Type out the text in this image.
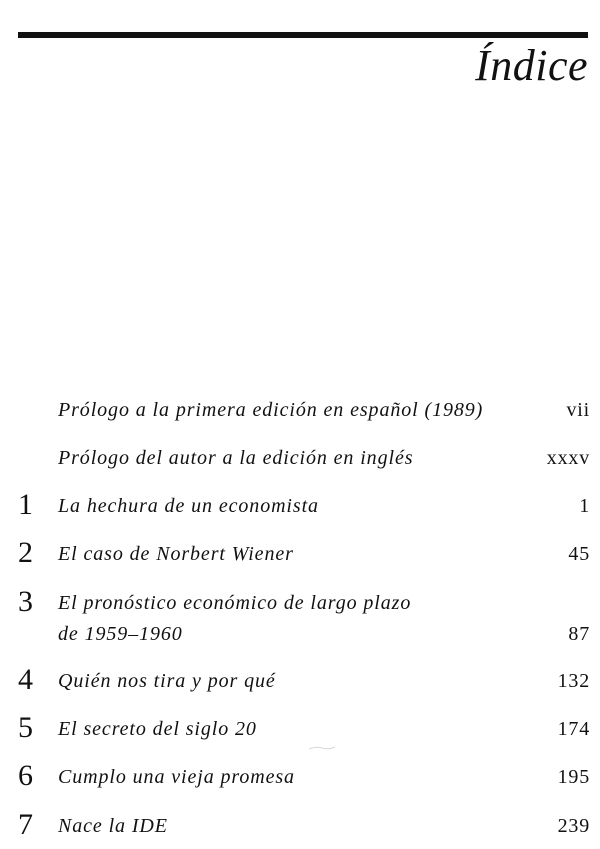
Índice
Prólogo a la primera edición en español (1989)	vii
Prólogo del autor a la edición en inglés	xxxv
1 La hechura de un economista	1
2 El caso de Norbert Wiener	45
3 El pronóstico económico de largo plazo
de 1959–1960	87
4 Quién nos tira y por qué	132
5 El secreto del siglo 20	174
6 Cumplo una vieja promesa	195
7 Nace la IDE	239
